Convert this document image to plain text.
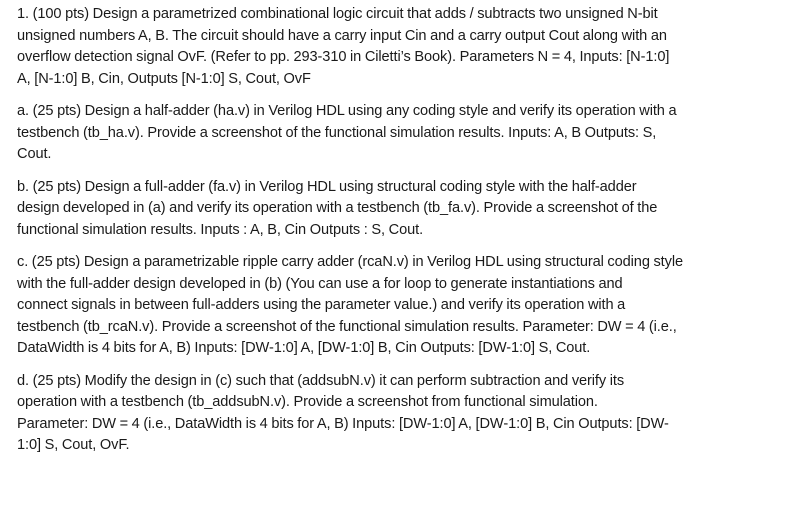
1. (100 pts) Design a parametrized combinational logic circuit that adds / subtracts two unsigned N-bit
unsigned numbers A, B. The circuit should have a carry input Cin and a carry output Cout along with an
overflow detection signal OvF. (Refer to pp. 293-310 in Ciletti’s Book). Parameters N = 4, Inputs: [N-1:0]
A, [N-1:0] B, Cin, Outputs [N-1:0] S, Cout, OvF

a. (25 pts) Design a half-adder (ha.v) in Verilog HDL using any coding style and verify its operation with a
testbench (tb_ha.v). Provide a screenshot of the functional simulation results. Inputs: A, B Outputs: S,
Cout.

b. (25 pts) Design a full-adder (fa.v) in Verilog HDL using structural coding style with the half-adder
design developed in (a) and verify its operation with a testbench (tb_fa.v). Provide a screenshot of the
functional simulation results. Inputs : A, B, Cin Outputs : S, Cout.

c. (25 pts) Design a parametrizable ripple carry adder (rcaN.v) in Verilog HDL using structural coding style
with the full-adder design developed in (b) (You can use a for loop to generate instantiations and
connect signals in between full-adders using the parameter value.) and verify its operation with a
testbench (tb_rcaN.v). Provide a screenshot of the functional simulation results. Parameter: DW = 4 (i.e.,
DataWidth is 4 bits for A, B) Inputs: [DW-1:0] A, [DW-1:0] B, Cin Outputs: [DW-1:0] S, Cout.

d. (25 pts) Modify the design in (c) such that (addsubN.v) it can perform subtraction and verify its
operation with a testbench (tb_addsubN.v). Provide a screenshot from functional simulation.
Parameter: DW = 4 (i.e., DataWidth is 4 bits for A, B) Inputs: [DW-1:0] A, [DW-1:0] B, Cin Outputs: [DW-
1:0] S, Cout, OvF.
